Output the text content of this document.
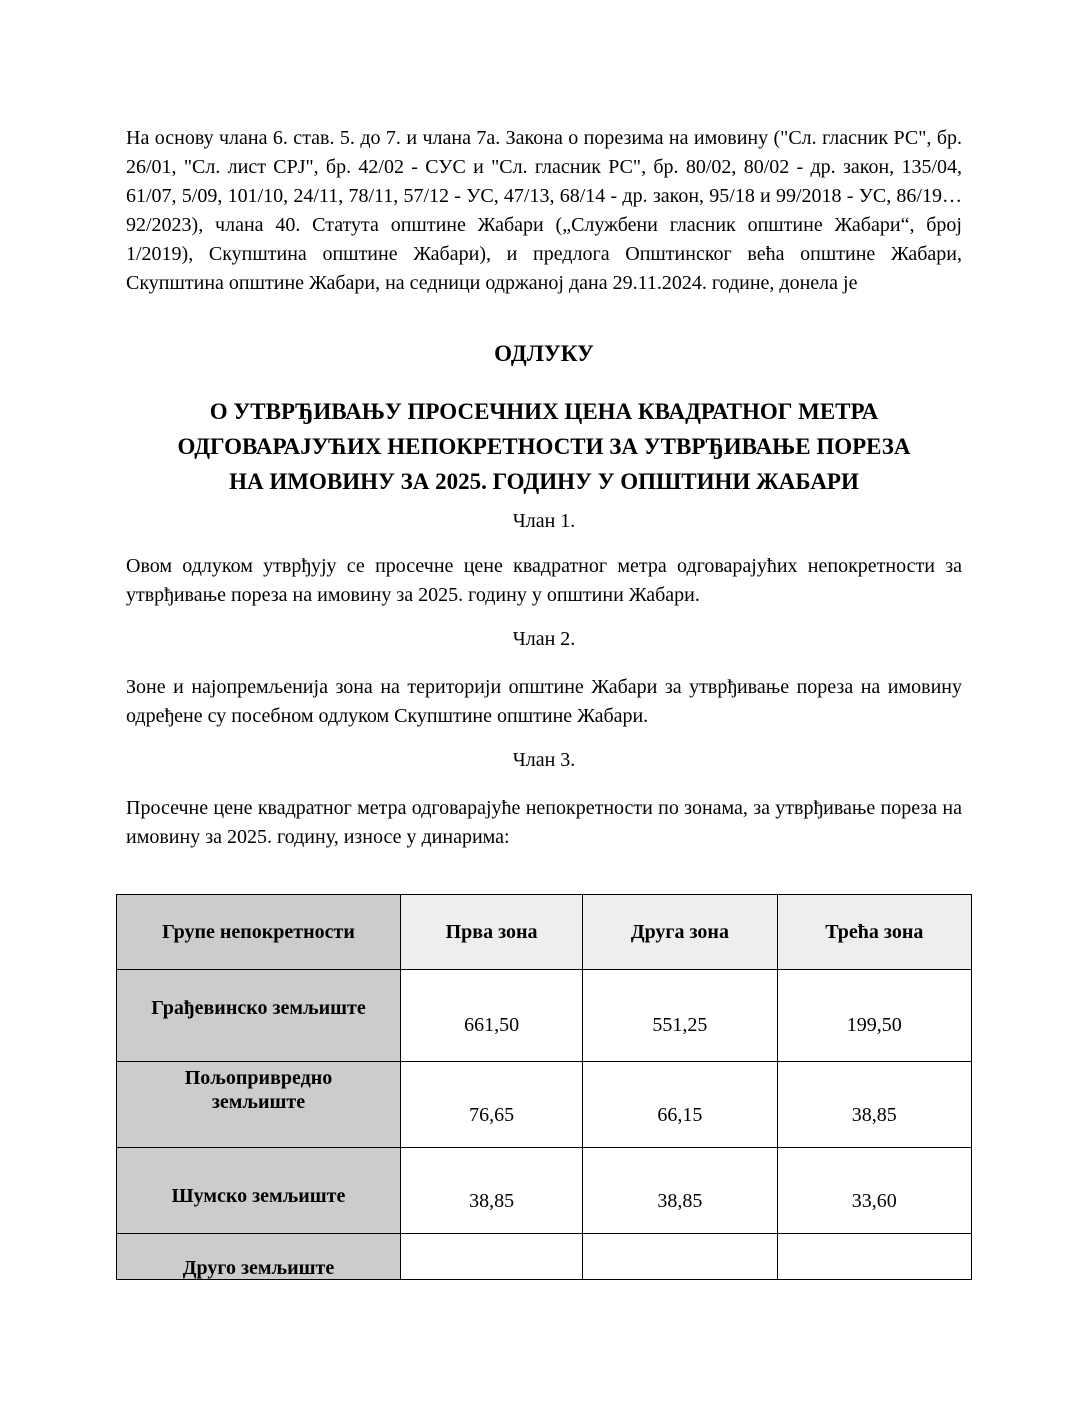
На основу члана 6. став. 5. до 7. и члана 7а. Закона о порезима на имовину ("Сл. гласник РС", бр. 26/01, "Сл. лист СРЈ", бр. 42/02 - СУС и "Сл. гласник РС", бр. 80/02, 80/02 - др. закон, 135/04, 61/07, 5/09, 101/10, 24/11, 78/11, 57/12 - УС, 47/13, 68/14 - др. закон, 95/18 и 99/2018 - УС, 86/19…92/2023), члана 40. Статута општине Жабари („Службени гласник општине Жабари“, број 1/2019), Скупштина општине Жабари), и предлога Општинског већа општине Жабари, Скупштина општине Жабари, на седници одржаној дана 29.11.2024. године, донела је

ОДЛУКУ

О УТВРЂИВАЊУ ПРОСЕЧНИХ ЦЕНА КВАДРАТНОГ МЕТРА
ОДГОВАРАЈУЋИХ НЕПОКРЕТНОСТИ ЗА УТВРЂИВАЊЕ ПОРЕЗА
НА ИМОВИНУ ЗА 2025. ГОДИНУ У ОПШТИНИ ЖАБАРИ

Члан 1.

Овом одлуком утврђују се просечне цене квадратног метра одговарајућих непокретности за утврђивање пореза на имовину за 2025. годину у општини Жабари.

Члан 2.

Зоне и најопремљенија зона на територији општине Жабари за утврђивање пореза на имовину одређене су посебном одлуком Скупштине општине Жабари.

Члан 3.

Просечне цене квадратног метра одговарајуће непокретности по зонама, за утврђивање пореза на имовину за 2025. годину, износе у динарима:

Групе непокретности	Прва зона	Друга зона	Трећа зона

Грађевинско земљиште	661,50	551,25	199,50

Пољопривредно земљиште	76,65	66,15	38,85

Шумско земљиште	38,85	38,85	33,60

Друго земљиште			
